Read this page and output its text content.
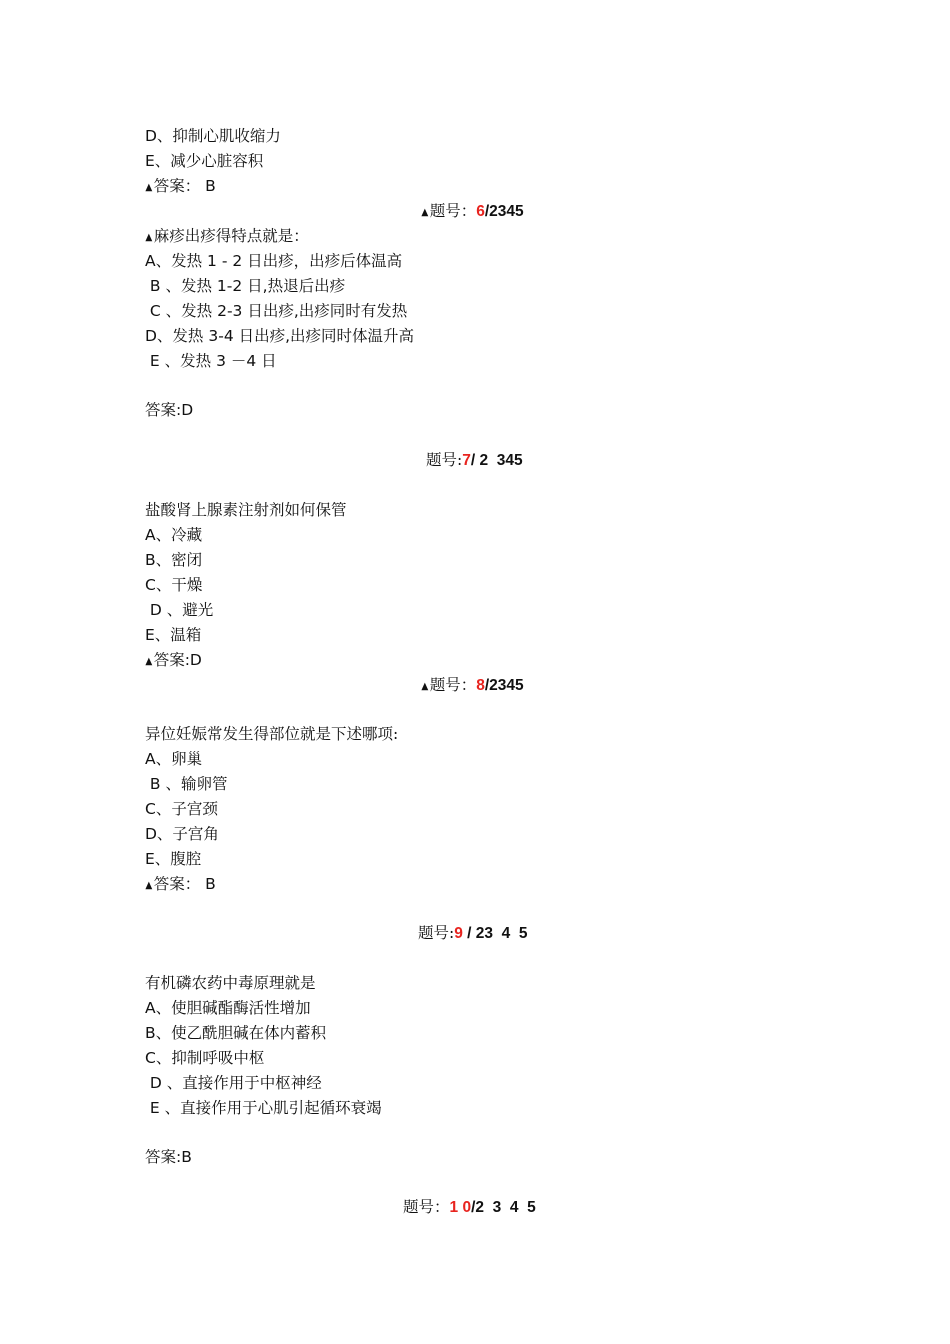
D、抑制心肌收缩力
E、减少心脏容积
▲答案： B
▲题号：6/2345
▲麻疹出疹得特点就是：
A、发热 1 - 2 日出疹，出疹后体温高
B 、发热 1-2 日,热退后出疹
C 、发热 2-3 日出疹,出疹同时有发热
D、发热 3-4 日出疹,出疹同时体温升高
E 、发热 3 －4 日
答案:D
题号:7/ 2  345
盐酸肾上腺素注射剂如何保管
A、冷藏
B、密闭
C、干燥
D 、避光
E、温箱
▲答案:D
▲题号：8/2345
异位妊娠常发生得部位就是下述哪项:
A、卵巢
B 、输卵管
C、子宫颈
D、子宫角
E、腹腔
▲答案： B
题号:9 / 23  4  5
有机磷农药中毒原理就是
A、使胆碱酯酶活性增加
B、使乙酰胆碱在体内蓄积
C、抑制呼吸中枢
D 、直接作用于中枢神经
E 、直接作用于心肌引起循环衰竭
答案:B
题号：1 0/2  3  4  5
